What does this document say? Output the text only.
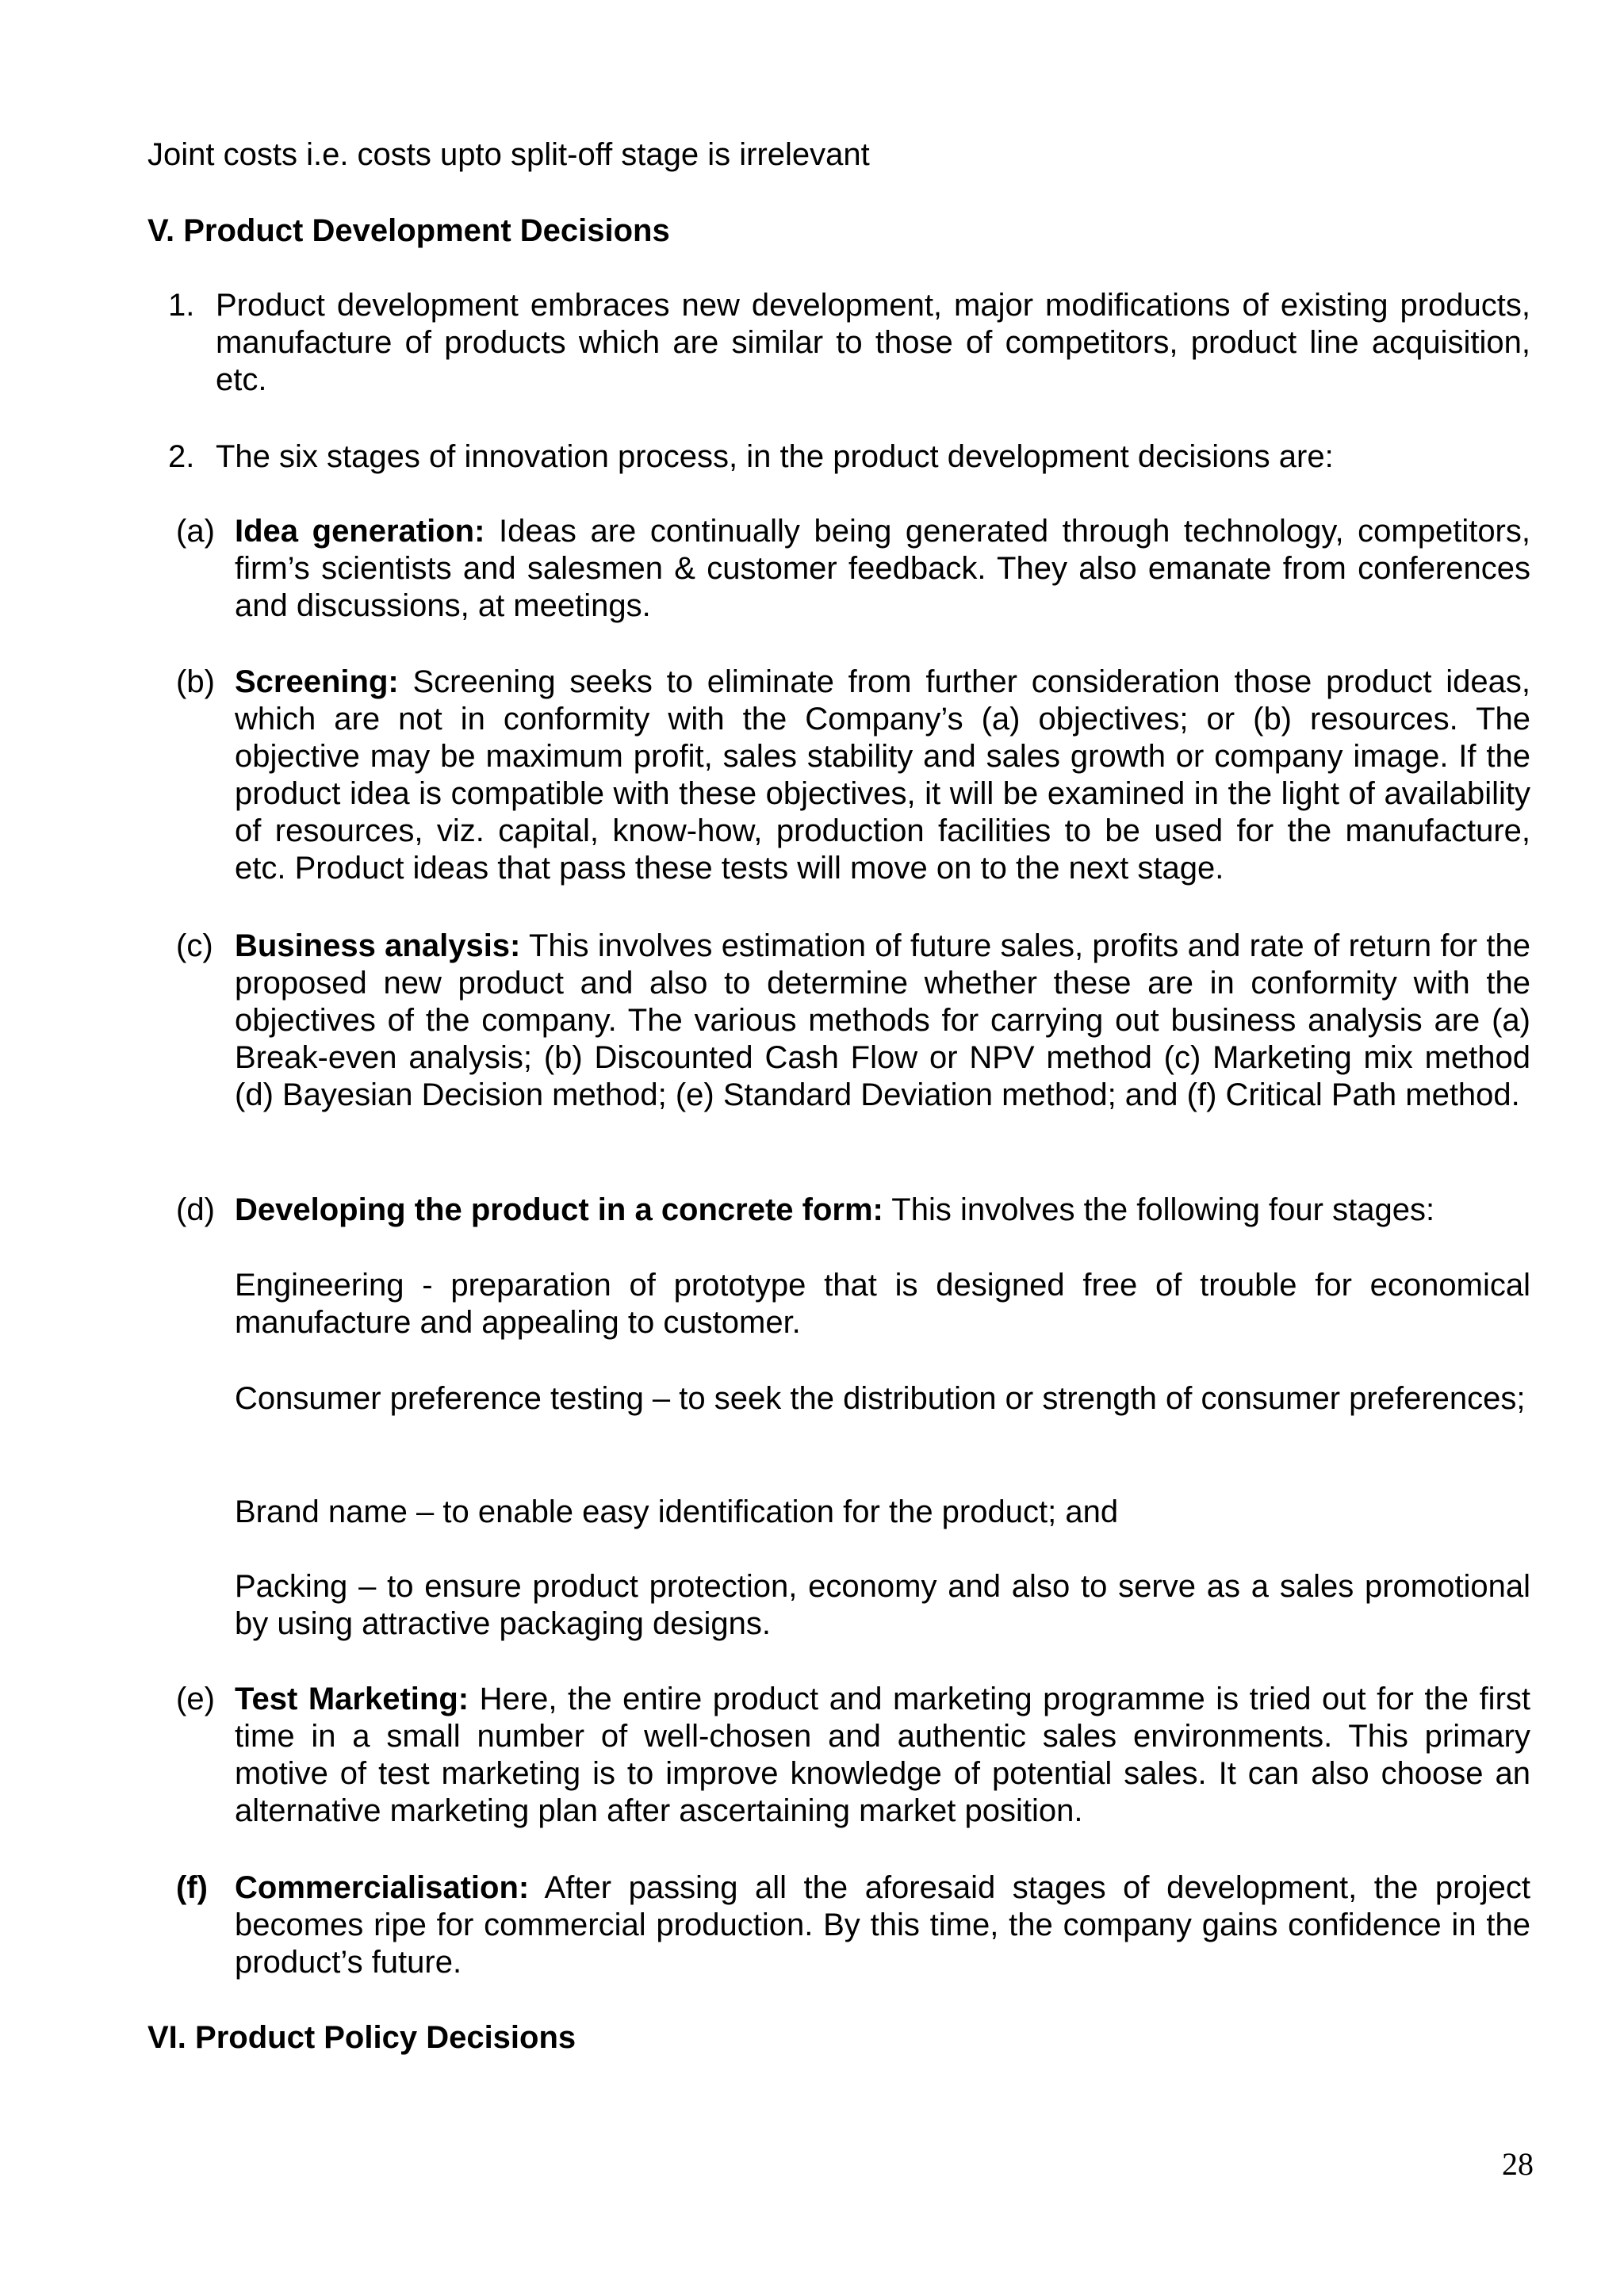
Joint costs i.e. costs upto split-off stage is irrelevant

V. Product Development Decisions

1. Product development embraces new development, major modifications of existing products, manufacture of products which are similar to those of competitors, product line acquisition, etc.

2. The six stages of innovation process, in the product development decisions are:

(a) Idea generation: Ideas are continually being generated through technology, competitors, firm’s scientists and salesmen & customer feedback. They also emanate from conferences and discussions, at meetings.

(b) Screening: Screening seeks to eliminate from further consideration those product ideas, which are not in conformity with the Company’s (a) objectives; or (b) resources. The objective may be maximum profit, sales stability and sales growth or company image. If the product idea is compatible with these objectives, it will be examined in the light of availability of resources, viz. capital, know-how, production facilities to be used for the manufacture, etc. Product ideas that pass these tests will move on to the next stage.

(c) Business analysis: This involves estimation of future sales, profits and rate of return for the proposed new product and also to determine whether these are in conformity with the objectives of the company. The various methods for carrying out business analysis are (a) Break-even analysis; (b) Discounted Cash Flow or NPV method (c) Marketing mix method (d) Bayesian Decision method; (e) Standard Deviation method; and (f) Critical Path method.

(d) Developing the product in a concrete form: This involves the following four stages:

Engineering - preparation of prototype that is designed free of trouble for economical manufacture and appealing to customer.

Consumer preference testing – to seek the distribution or strength of consumer preferences;

Brand name – to enable easy identification for the product; and

Packing – to ensure product protection, economy and also to serve as a sales promotional by using attractive packaging designs.

(e) Test Marketing: Here, the entire product and marketing programme is tried out for the first time in a small number of well-chosen and authentic sales environments. This primary motive of test marketing is to improve knowledge of potential sales. It can also choose an alternative marketing plan after ascertaining market position.

(f) Commercialisation: After passing all the aforesaid stages of development, the project becomes ripe for commercial production. By this time, the company gains confidence in the product’s future.

VI. Product Policy Decisions

28
